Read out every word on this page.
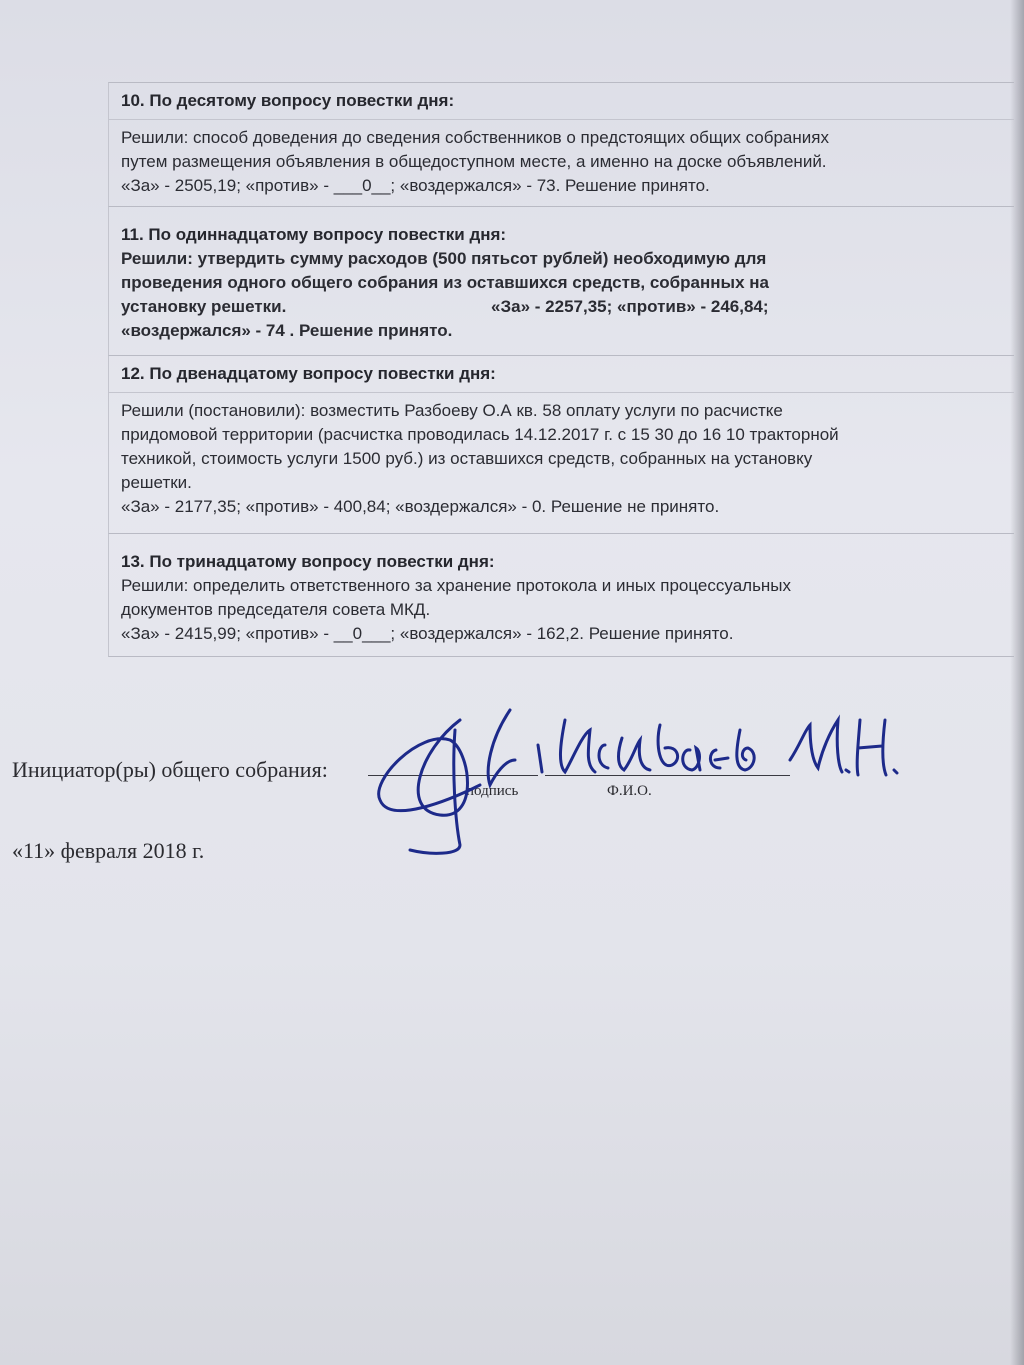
10. По десятому вопросу повестки дня:
Решили: способ доведения до сведения собственников о предстоящих общих собраниях
путем размещения объявления в общедоступном месте, а именно на доске объявлений.
«За» - 2505,19; «против» - ___0__; «воздержался» - 73. Решение принято.
11. По одиннадцатому вопросу повестки дня:
Решили: утвердить сумму расходов (500 пятьсот рублей) необходимую для
проведения одного общего собрания из оставшихся средств, собранных на
установку решетки.	«За» - 2257,35; «против» - 246,84;
«воздержался» - 74 . Решение принято.
12. По двенадцатому вопросу повестки дня:
Решили (постановили): возместить Разбоеву О.А кв. 58 оплату услуги по расчистке
придомовой территории (расчистка проводилась 14.12.2017 г. с 15 30 до 16 10 тракторной
техникой, стоимость услуги 1500 руб.) из оставшихся средств, собранных на установку
решетки.
«За» - 2177,35; «против» - 400,84; «воздержался» - 0. Решение не принято.
13. По тринадцатому вопросу повестки дня:
Решили: определить ответственного за хранение протокола и иных процессуальных
документов председателя совета МКД.
«За» - 2415,99; «против» - __0___; «воздержался» - 162,2. Решение принято.
Инициатор(ры) общего собрания:
подпись	Ф.И.О.
«11» февраля 2018 г.
